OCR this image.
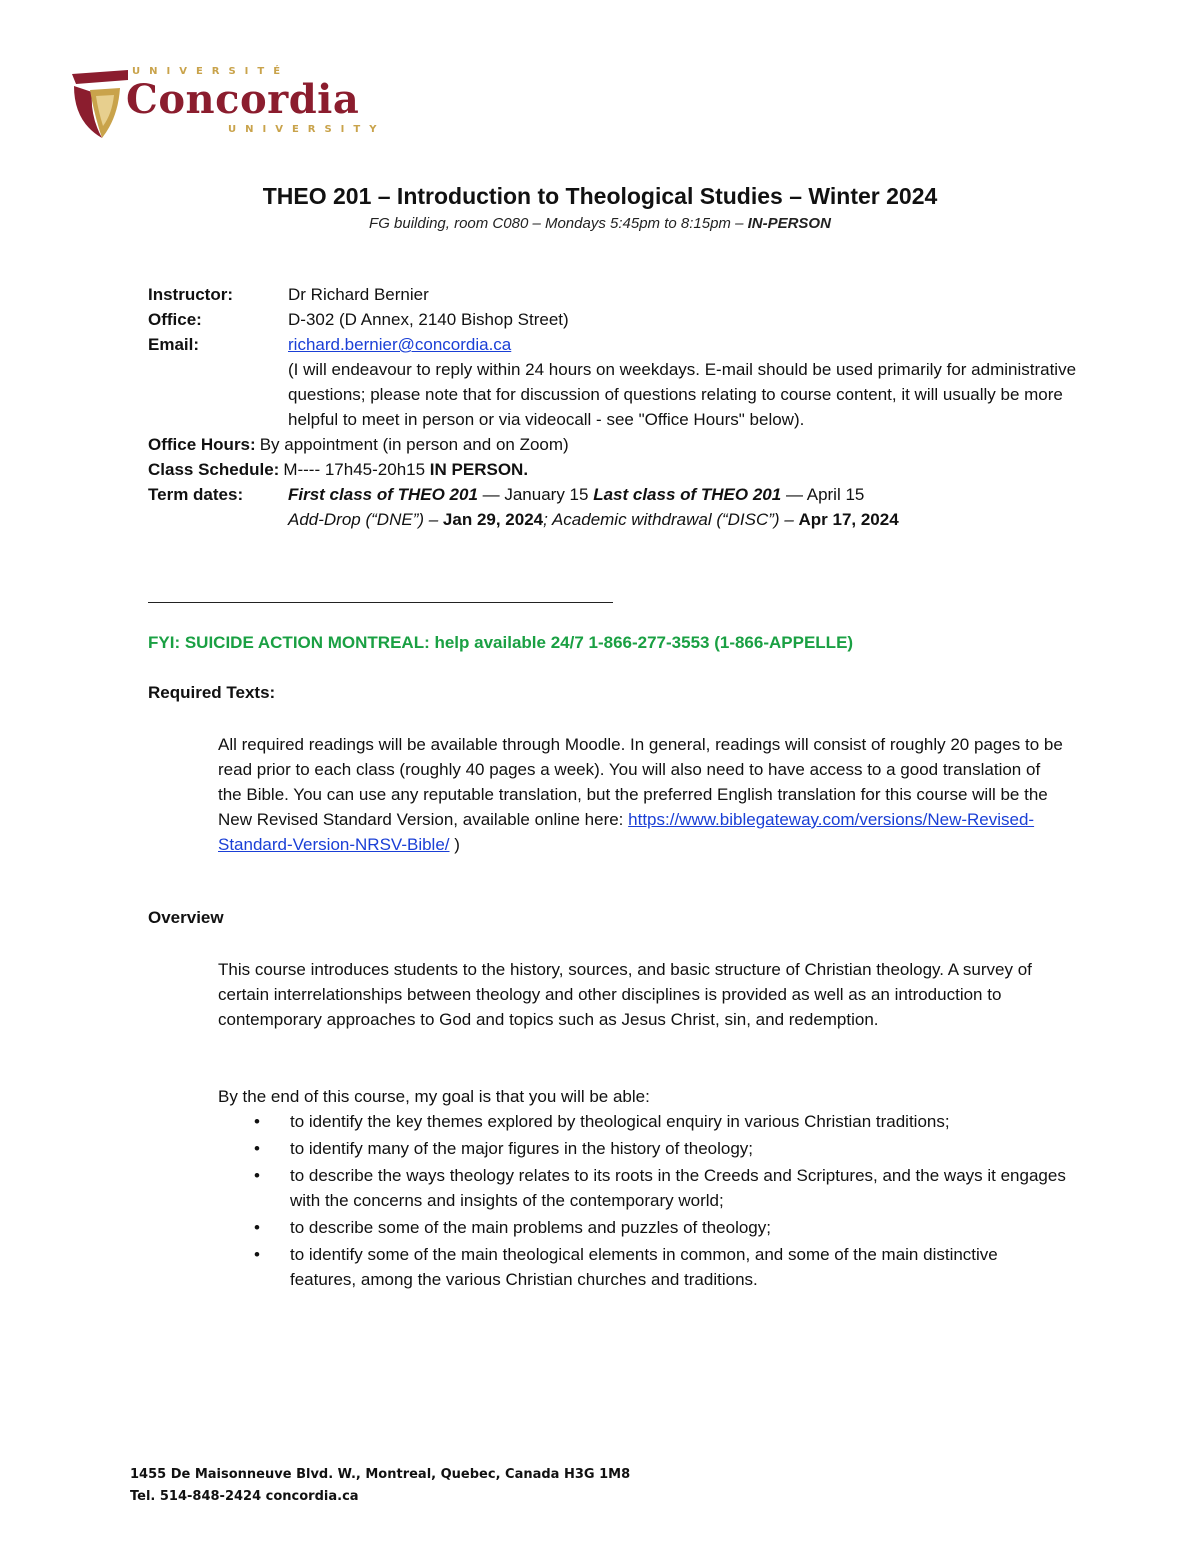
UNIVERSITÉ
Concordia
UNIVERSITY
THEO 201 – Introduction to Theological Studies – Winter 2024
FG building, room C080 – Mondays 5:45pm to 8:15pm – IN-PERSON
Instructor:	Dr Richard Bernier
Office:	D-302 (D Annex, 2140 Bishop Street)
Email:	richard.bernier@concordia.ca
(I will endeavour to reply within 24 hours on weekdays. E-mail should be used primarily for administrative questions; please note that for discussion of questions relating to course content, it will usually be more helpful to meet in person or via videocall - see "Office Hours" below).
Office Hours: By appointment (in person and on Zoom)
Class Schedule: M---- 17h45-20h15 IN PERSON.
Term dates:	First class of THEO 201 — January 15 Last class of THEO 201 — April 15
Add-Drop (“DNE”) – Jan 29, 2024; Academic withdrawal (“DISC”) – Apr 17, 2024
FYI: SUICIDE ACTION MONTREAL: help available 24/7 1-866-277-3553 (1-866-APPELLE)
Required Texts:
All required readings will be available through Moodle. In general, readings will consist of roughly 20 pages to be read prior to each class (roughly 40 pages a week). You will also need to have access to a good translation of the Bible. You can use any reputable translation, but the preferred English translation for this course will be the New Revised Standard Version, available online here: https://www.biblegateway.com/versions/New-Revised-Standard-Version-NRSV-Bible/ )
Overview
This course introduces students to the history, sources, and basic structure of Christian theology. A survey of certain interrelationships between theology and other disciplines is provided as well as an introduction to contemporary approaches to God and topics such as Jesus Christ, sin, and redemption.
By the end of this course, my goal is that you will be able:
• to identify the key themes explored by theological enquiry in various Christian traditions;
• to identify many of the major figures in the history of theology;
• to describe the ways theology relates to its roots in the Creeds and Scriptures, and the ways it engages with the concerns and insights of the contemporary world;
• to describe some of the main problems and puzzles of theology;
• to identify some of the main theological elements in common, and some of the main distinctive features, among the various Christian churches and traditions.
1455 De Maisonneuve Blvd. W., Montreal, Quebec, Canada H3G 1M8
Tel. 514-848-2424 concordia.ca
